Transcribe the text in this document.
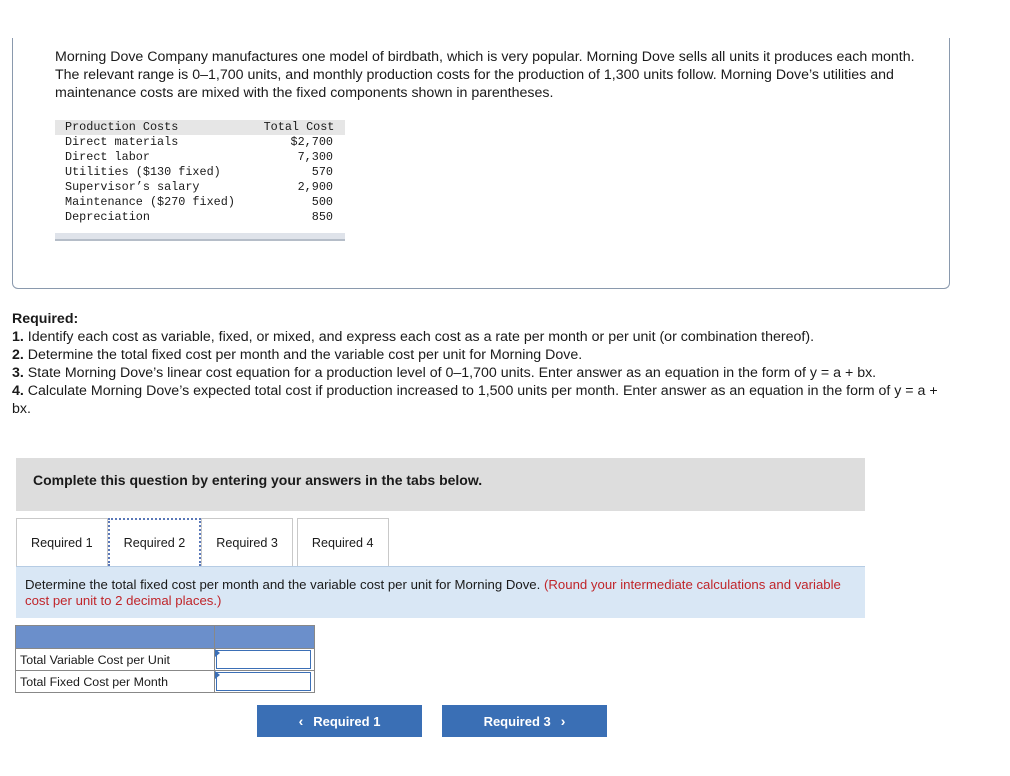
Morning Dove Company manufactures one model of birdbath, which is very popular. Morning Dove sells all units it produces each month. The relevant range is 0–1,700 units, and monthly production costs for the production of 1,300 units follow. Morning Dove’s utilities and maintenance costs are mixed with the fixed components shown in parentheses.

Production Costs	Total Cost
Direct materials	$2,700
Direct labor	7,300
Utilities ($130 fixed)	570
Supervisor’s salary	2,900
Maintenance ($270 fixed)	500
Depreciation	850
Required:
1. Identify each cost as variable, fixed, or mixed, and express each cost as a rate per month or per unit (or combination thereof).
2. Determine the total fixed cost per month and the variable cost per unit for Morning Dove.
3. State Morning Dove’s linear cost equation for a production level of 0–1,700 units. Enter answer as an equation in the form of y = a + bx.
4. Calculate Morning Dove’s expected total cost if production increased to 1,500 units per month. Enter answer as an equation in the form of y = a + bx.
Complete this question by entering your answers in the tabs below.
Required 1	Required 2	Required 3	Required 4
Determine the total fixed cost per month and the variable cost per unit for Morning Dove. (Round your intermediate calculations and variable cost per unit to 2 decimal places.)

Total Variable Cost per Unit	

Total Fixed Cost per Month	
‹ Required 1	Required 3 ›
